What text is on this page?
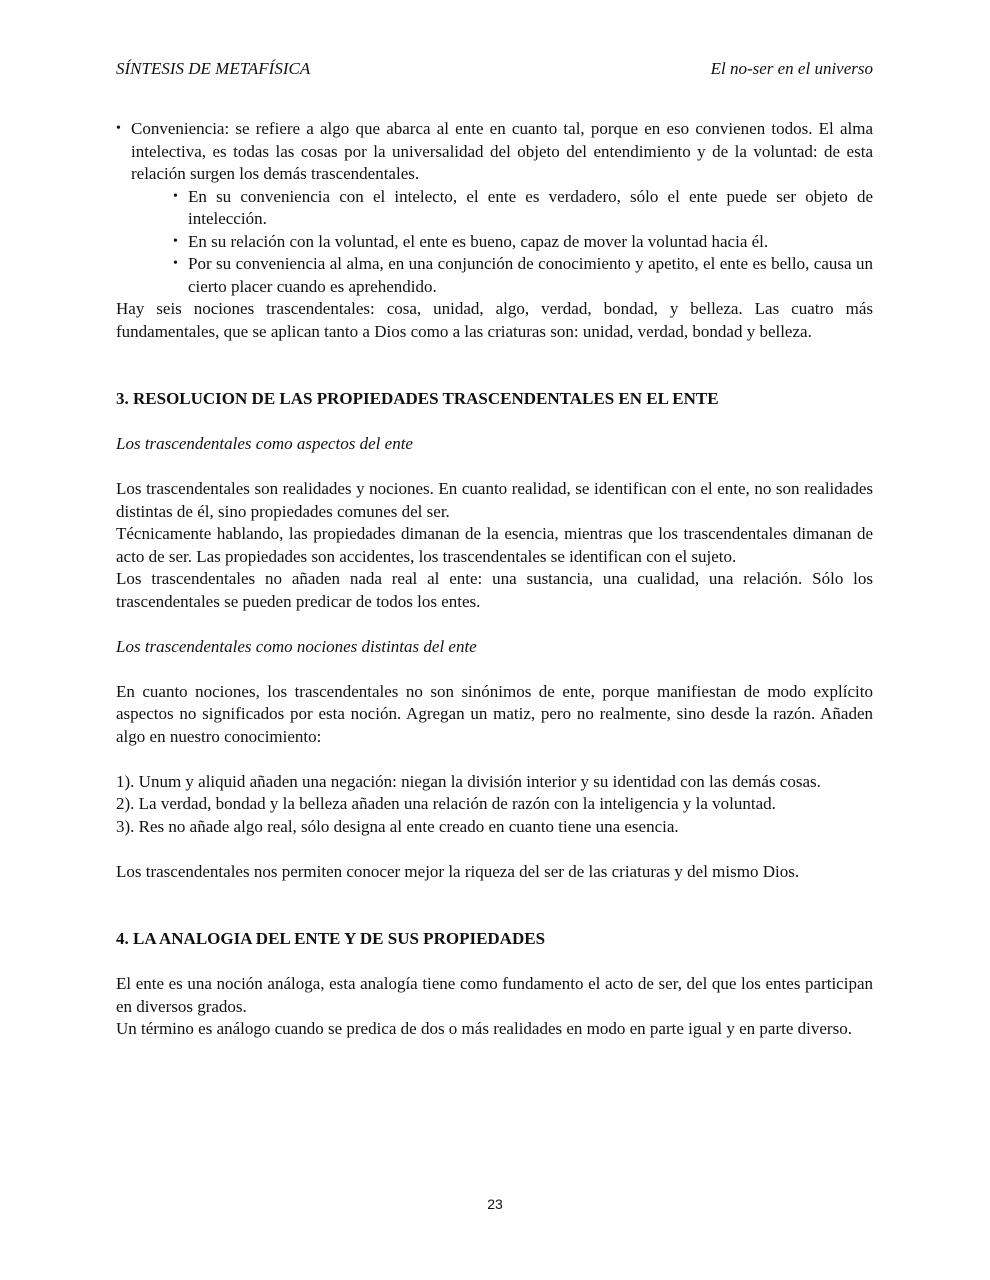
SÍNTESIS DE METAFÍSICA	El no-ser en el universo

• Conveniencia: se refiere a algo que abarca al ente en cuanto tal, porque en eso convienen todos. El alma intelectiva, es todas las cosas por la universalidad del objeto del entendimiento y de la voluntad: de esta relación surgen los demás trascendentales.

• En su conveniencia con el intelecto, el ente es verdadero, sólo el ente puede ser objeto de intelección.

• En su relación con la voluntad, el ente es bueno, capaz de mover la voluntad hacia él.

• Por su conveniencia al alma, en una conjunción de conocimiento y apetito, el ente es bello, causa un cierto placer cuando es aprehendido.

Hay seis nociones trascendentales: cosa, unidad, algo, verdad, bondad, y belleza. Las cuatro más fundamentales, que se aplican tanto a Dios como a las criaturas son: unidad, verdad, bondad y belleza.

3. RESOLUCION DE LAS PROPIEDADES TRASCENDENTALES EN EL ENTE

Los trascendentales como aspectos del ente

Los trascendentales son realidades y nociones. En cuanto realidad, se identifican con el ente, no son realidades distintas de él, sino propiedades comunes del ser.

Técnicamente hablando, las propiedades dimanan de la esencia, mientras que los trascendentales dimanan de acto de ser. Las propiedades son accidentes, los trascendentales se identifican con el sujeto.

Los trascendentales no añaden nada real al ente: una sustancia, una cualidad, una relación. Sólo los trascendentales se pueden predicar de todos los entes.

Los trascendentales como nociones distintas del ente

En cuanto nociones, los trascendentales no son sinónimos de ente, porque manifiestan de modo explícito aspectos no significados por esta noción. Agregan un matiz, pero no realmente, sino desde la razón. Añaden algo en nuestro conocimiento:

1). Unum y aliquid añaden una negación: niegan la división interior y su identidad con las demás cosas.

2). La verdad, bondad y la belleza añaden una relación de razón con la inteligencia y la voluntad.

3). Res no añade algo real, sólo designa al ente creado en cuanto tiene una esencia.

Los trascendentales nos permiten conocer mejor la riqueza del ser de las criaturas y del mismo Dios.

4. LA ANALOGIA DEL ENTE Y DE SUS PROPIEDADES

El ente es una noción análoga, esta analogía tiene como fundamento el acto de ser, del que los entes participan en diversos grados.

Un término es análogo cuando se predica de dos o más realidades en modo en parte igual y en parte diverso.

23
